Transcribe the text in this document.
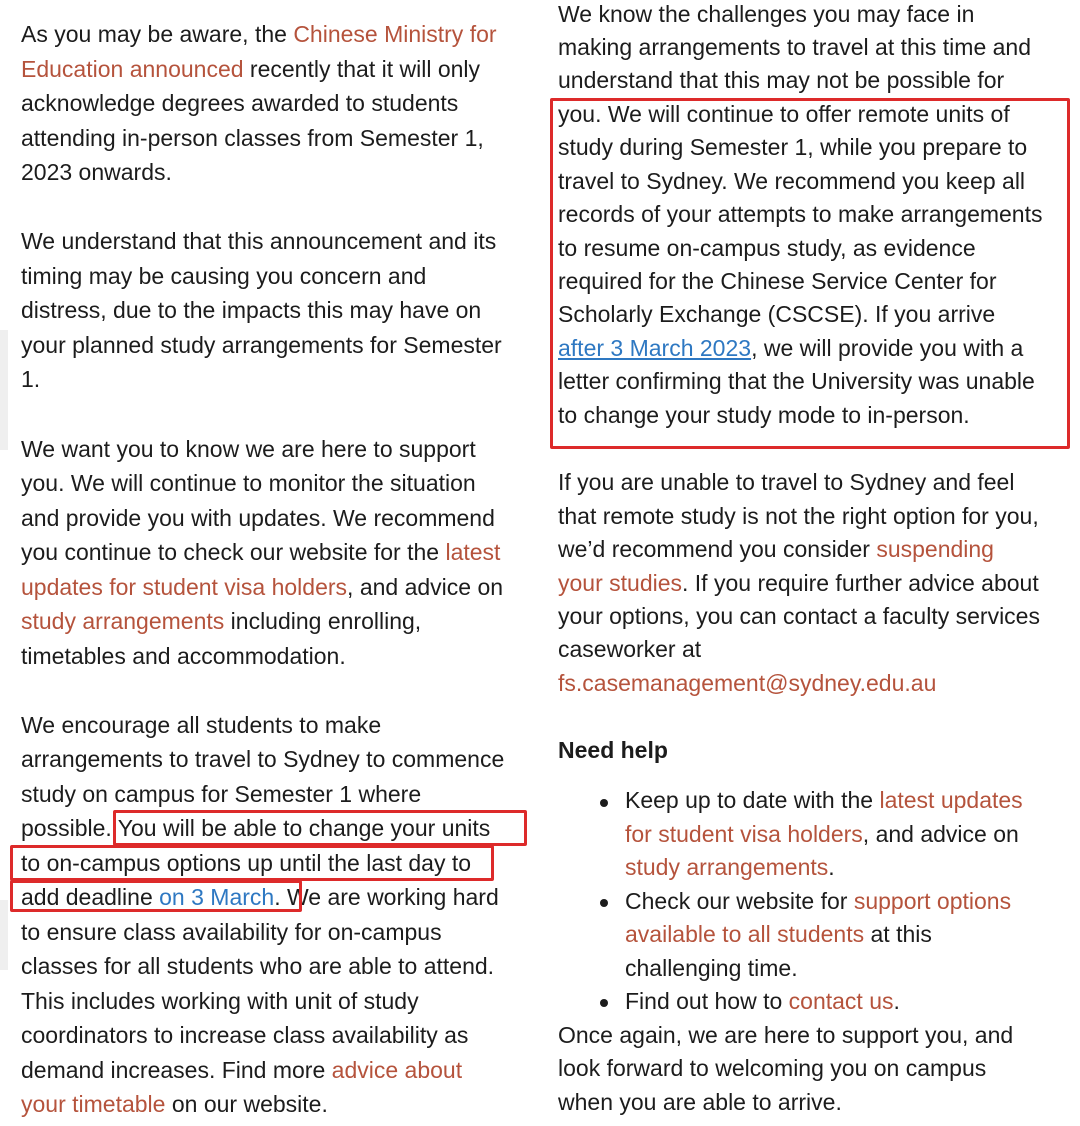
As you may be aware, the Chinese Ministry for
Education announced recently that it will only
acknowledge degrees awarded to students
attending in-person classes from Semester 1,
2023 onwards.
We understand that this announcement and its
timing may be causing you concern and
distress, due to the impacts this may have on
your planned study arrangements for Semester
1.
We want you to know we are here to support
you. We will continue to monitor the situation
and provide you with updates. We recommend
you continue to check our website for the latest
updates for student visa holders, and advice on
study arrangements including enrolling,
timetables and accommodation.
We encourage all students to make
arrangements to travel to Sydney to commence
study on campus for Semester 1 where
possible. You will be able to change your units
to on-campus options up until the last day to
add deadline on 3 March. We are working hard
to ensure class availability for on-campus
classes for all students who are able to attend.
This includes working with unit of study
coordinators to increase class availability as
demand increases. Find more advice about
your timetable on our website.
We know the challenges you may face in
making arrangements to travel at this time and
understand that this may not be possible for
you. We will continue to offer remote units of
study during Semester 1, while you prepare to
travel to Sydney. We recommend you keep all
records of your attempts to make arrangements
to resume on-campus study, as evidence
required for the Chinese Service Center for
Scholarly Exchange (CSCSE). If you arrive
after 3 March 2023, we will provide you with a
letter confirming that the University was unable
to change your study mode to in-person.
If you are unable to travel to Sydney and feel
that remote study is not the right option for you,
we’d recommend you consider suspending
your studies. If you require further advice about
your options, you can contact a faculty services
caseworker at
fs.casemanagement@sydney.edu.au
Need help
Keep up to date with the latest updates
for student visa holders, and advice on
study arrangements.
Check our website for support options
available to all students at this
challenging time.
Find out how to contact us.
Once again, we are here to support you, and
look forward to welcoming you on campus
when you are able to arrive.
